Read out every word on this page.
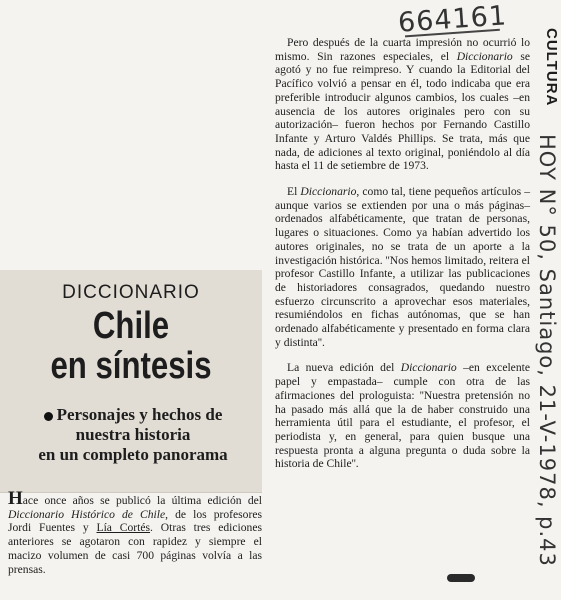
664161
CULTURA
HOY N° 50, Santiago, 21-V-1978, p.43

Pero después de la cuarta impresión no ocurrió lo mismo. Sin razones especiales, el Diccionario se agotó y no fue reimpreso. Y cuando la Editorial del Pacífico volvió a pensar en él, todo indicaba que era preferible introducir algunos cambios, los cuales –en ausencia de los autores originales pero con su autorización– fueron hechos por Fernando Castillo Infante y Arturo Valdés Phillips. Se trata, más que nada, de adiciones al texto original, poniéndolo al día hasta el 11 de setiembre de 1973.

El Diccionario, como tal, tiene pequeños artículos –aunque varios se extienden por una o más páginas– ordenados alfabéticamente, que tratan de personas, lugares o situaciones. Como ya habían advertido los autores originales, no se trata de un aporte a la investigación histórica. ''Nos hemos limitado, reitera el profesor Castillo Infante, a utilizar las publicaciones de historiadores consagrados, quedando nuestro esfuerzo circunscrito a aprovechar esos materiales, resumiéndolos en fichas autónomas, que se han ordenado alfabéticamente y presentado en forma clara y distinta''.

La nueva edición del Diccionario –en excelente papel y empastada– cumple con otra de las afirmaciones del prologuista: ''Nuestra pretensión no ha pasado más allá que la de haber construido una herramienta útil para el estudiante, el profesor, el periodista y, en general, para quien busque una respuesta pronta a alguna pregunta o duda sobre la historia de Chile''.

DICCIONARIO
Chile
en síntesis
Personajes y hechos de
nuestra historia
en un completo panorama

Hace once años se publicó la última edición del Diccionario Histórico de Chile, de los profesores Jordi Fuentes y Lía Cortés. Otras tres ediciones anteriores se agotaron con rapidez y siempre el macizo volumen de casi 700 páginas volvía a las prensas.
